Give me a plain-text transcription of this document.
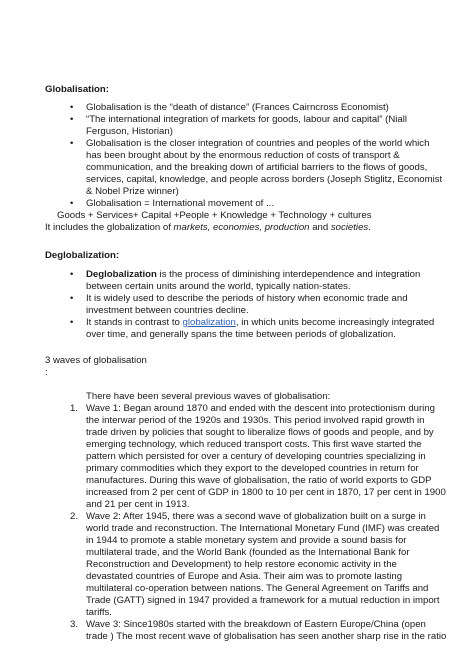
Globalisation:
• Globalisation is the “death of distance” (Frances Cairncross Economist)
• “The international integration of markets for goods, labour and capital” (Niall
Ferguson, Historian)
• Globalisation is the closer integration of countries and peoples of the world which
has been brought about by the enormous reduction of costs of transport &
communication, and the breaking down of artificial barriers to the flows of goods,
services, capital, knowledge, and people across borders (Joseph Stiglitz, Economist
& Nobel Prize winner)
• Globalisation = International movement of ...
Goods + Services+ Capital +People + Knowledge + Technology + cultures
It includes the globalization of markets, economies, production and societies.
Deglobalization:
• Deglobalization is the process of diminishing interdependence and integration
between certain units around the world, typically nation-states.
• It is widely used to describe the periods of history when economic trade and
investment between countries decline.
• It stands in contrast to globalization, in which units become increasingly integrated
over time, and generally spans the time between periods of globalization.
3 waves of globalisation
:
There have been several previous waves of globalisation:
1. Wave 1: Began around 1870 and ended with the descent into protectionism during
the interwar period of the 1920s and 1930s. This period involved rapid growth in
trade driven by policies that sought to liberalize flows of goods and people, and by
emerging technology, which reduced transport costs. This first wave started the
pattern which persisted for over a century of developing countries specializing in
primary commodities which they export to the developed countries in return for
manufactures. During this wave of globalisation, the ratio of world exports to GDP
increased from 2 per cent of GDP in 1800 to 10 per cent in 1870, 17 per cent in 1900
and 21 per cent in 1913.
2. Wave 2: After 1945, there was a second wave of globalization built on a surge in
world trade and reconstruction. The International Monetary Fund (IMF) was created
in 1944 to promote a stable monetary system and provide a sound basis for
multilateral trade, and the World Bank (founded as the International Bank for
Reconstruction and Development) to help restore economic activity in the
devastated countries of Europe and Asia. Their aim was to promote lasting
multilateral co-operation between nations. The General Agreement on Tariffs and
Trade (GATT) signed in 1947 provided a framework for a mutual reduction in import
tariffs.
3. Wave 3: Since1980s started with the breakdown of Eastern Europe/China (open
trade ) The most recent wave of globalisation has seen another sharp rise in the ratio
